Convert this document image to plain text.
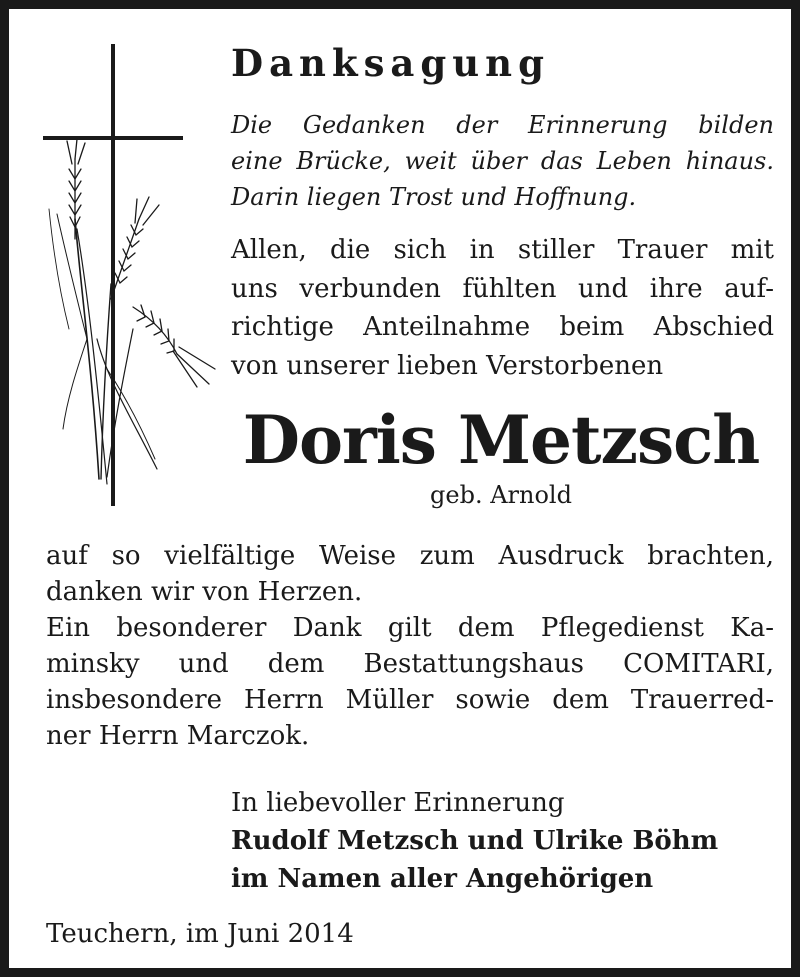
Danksagung
Die Gedanken der Erinnerung bilden
eine Brücke, weit über das Leben hinaus.
Darin liegen Trost und Hoffnung.
Allen, die sich in stiller Trauer mit
uns verbunden fühlten und ihre auf-
richtige Anteilnahme beim Abschied
von unserer lieben Verstorbenen
Doris Metzsch
geb. Arnold
auf so vielfältige Weise zum Ausdruck brachten,
danken wir von Herzen.
Ein besonderer Dank gilt dem Pflegedienst Ka-
minsky und dem Bestattungshaus COMITARI,
insbesondere Herrn Müller sowie dem Trauerred-
ner Herrn Marczok.
In liebevoller Erinnerung
Rudolf Metzsch und Ulrike Böhm
im Namen aller Angehörigen
Teuchern, im Juni 2014
